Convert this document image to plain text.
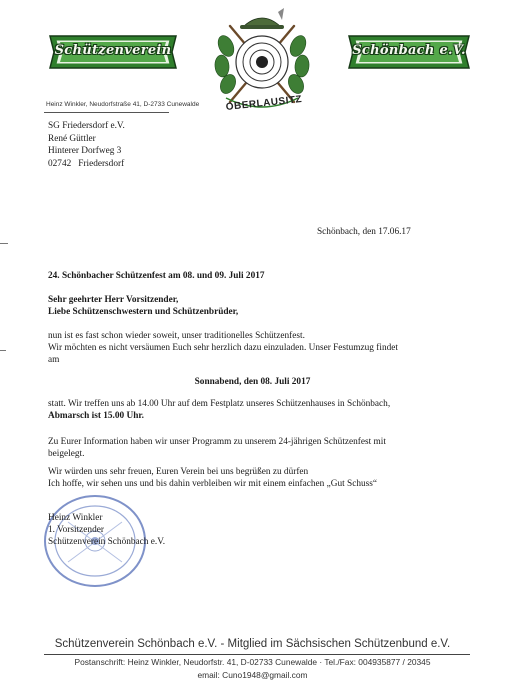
Schützenverein	Schönbach e.V.
OBERLAUSITZ
Heinz Winkler, Neudorfstraße 41, D-2733 Cunewalde
SG Friedersdorf e.V.
René Güttler
Hinterer Dorfweg 3
02742   Friedersdorf
Schönbach, den 17.06.17
24. Schönbacher Schützenfest am 08. und 09. Juli 2017
Sehr geehrter Herr Vorsitzender,
Liebe Schützenschwestern und Schützenbrüder,
nun ist es fast schon wieder soweit, unser traditionelles Schützenfest.
Wir möchten es nicht versäumen Euch sehr herzlich dazu einzuladen. Unser Festumzug findet
am
Sonnabend, den 08. Juli 2017
statt. Wir treffen uns ab 14.00 Uhr auf dem Festplatz unseres Schützenhauses in Schönbach,
Abmarsch ist 15.00 Uhr.
Zu Eurer Information haben wir unser Programm zu unserem 24-jährigen Schützenfest mit
beigelegt.
Wir würden uns sehr freuen, Euren Verein bei uns begrüßen zu dürfen
Ich hoffe, wir sehen uns und bis dahin verbleiben wir mit einem einfachen „Gut Schuss“
Heinz Winkler
1. Vorsitzender
Schützenverein Schönbach e.V.
Schützenverein Schönbach e.V. - Mitglied im Sächsischen Schützenbund e.V.
Postanschrift: Heinz Winkler, Neudorfstr. 41, D-02733 Cunewalde · Tel./Fax: 004935877 / 20345
email: Cuno1948@gmail.com
